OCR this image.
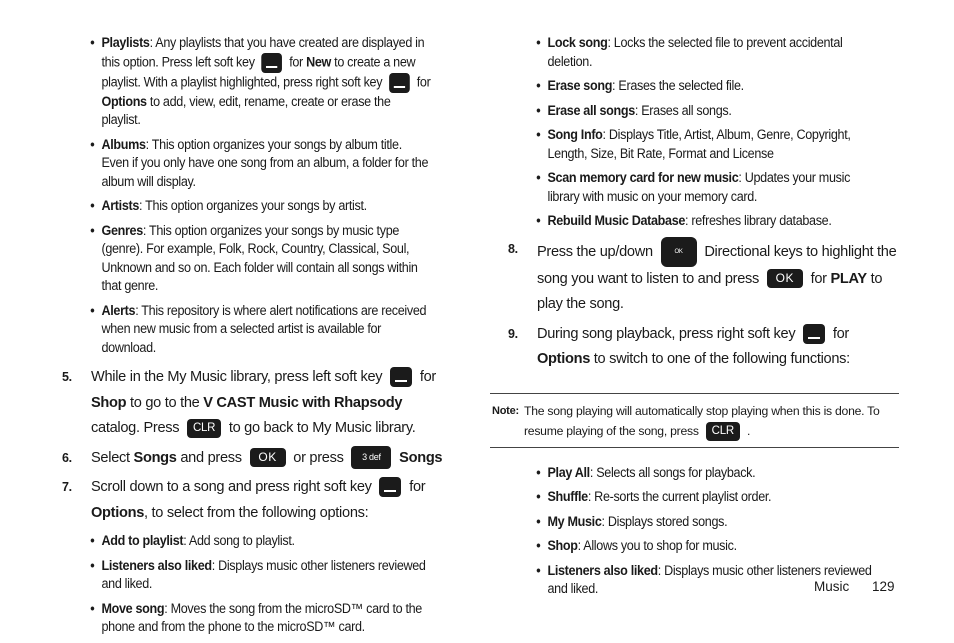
• Playlists: Any playlists that you have created are displayed in this option. Press left soft key	for New to create a new playlist. With a playlist highlighted, press right soft key	for Options to add, view, edit, rename, create or erase the playlist.
• Albums: This option organizes your songs by album title. Even if you only have one song from an album, a folder for the album will display.
• Artists: This option organizes your songs by artist.
• Genres: This option organizes your songs by music type (genre). For example, Folk, Rock, Country, Classical, Soul, Unknown and so on. Each folder will contain all songs within that genre.
• Alerts: This repository is where alert notifications are received when new music from a selected artist is available for download.
5. While in the My Music library, press left soft key	for Shop to go to the V CAST Music with Rhapsody catalog. Press CLR to go back to My Music library.
6. Select Songs and press OK or press 3 def Songs
7. Scroll down to a song and press right soft key	for Options, to select from the following options:
• Add to playlist: Add song to playlist.
• Listeners also liked: Displays music other listeners reviewed and liked.
• Move song: Moves the song from the microSD™ card to the phone and from the phone to the microSD™ card.
• Lock song: Locks the selected file to prevent accidental deletion.
• Erase song: Erases the selected file.
• Erase all songs: Erases all songs.
• Song Info: Displays Title, Artist, Album, Genre, Copyright, Length, Size, Bit Rate, Format and License
• Scan memory card for new music: Updates your music library with music on your memory card.
• Rebuild Music Database: refreshes library database.
8. Press the up/down	OK Directional keys to highlight the song you want to listen to and press OK for PLAY to play the song.
9. During song playback, press right soft key	for Options to switch to one of the following functions:
Note: The song playing will automatically stop playing when this is done. To resume playing of the song, press CLR .
• Play All: Selects all songs for playback.
• Shuffle: Re-sorts the current playlist order.
• My Music: Displays stored songs.
• Shop: Allows you to shop for music.
• Listeners also liked: Displays music other listeners reviewed and liked.	Music 129
